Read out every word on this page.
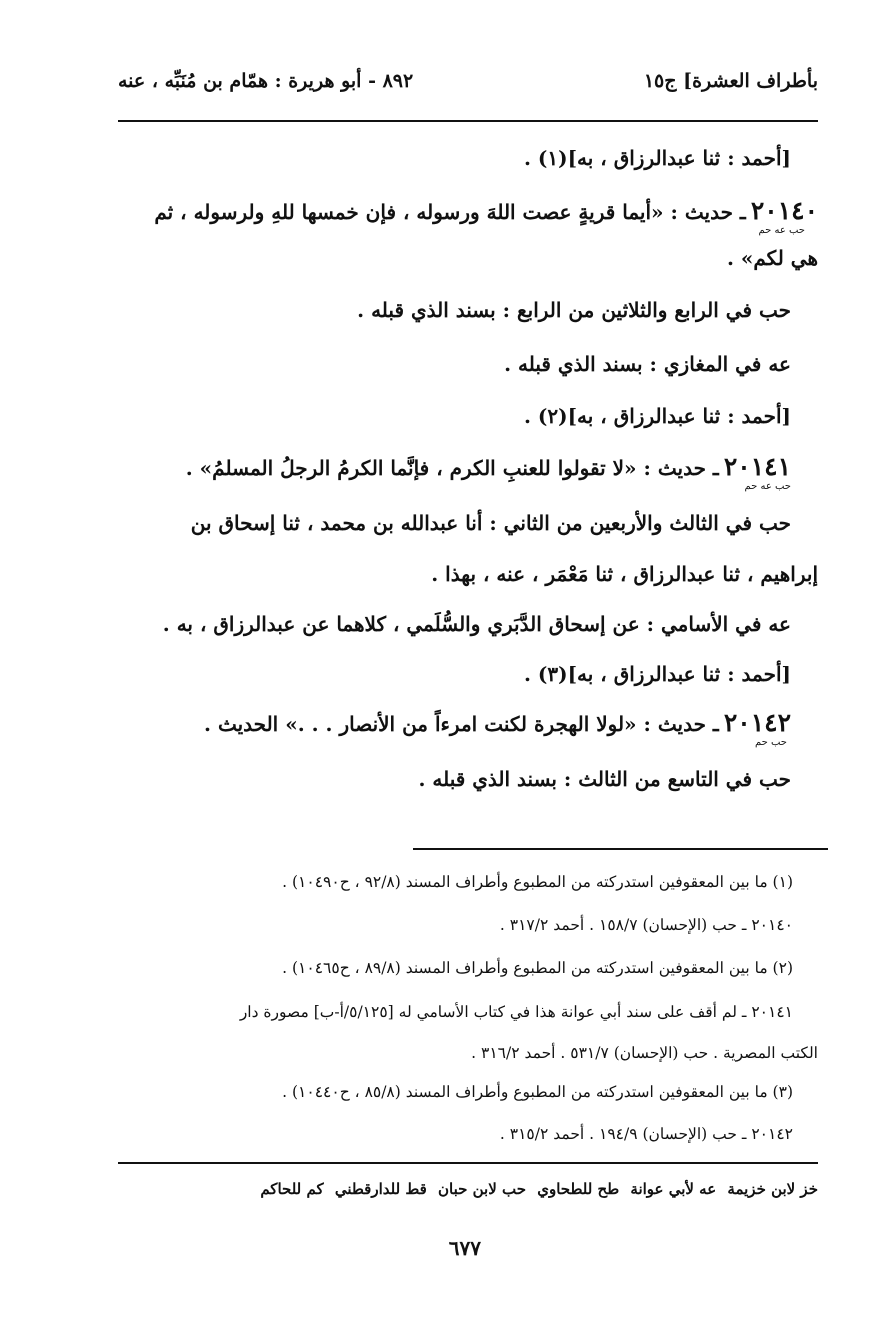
بأطراف العشرة] ج١٥
٨٩٢ - أبو هريرة : همّام بن مُنَبِّه ، عنه
[أحمد : ثنا عبدالرزاق ، به](١) .
٢٠١٤٠ ـ حديث : «أيما قريةٍ عصت اللهَ ورسوله ، فإن خمسها للهِ ولرسوله ، ثم
حب عه حم
هي لكم» .
حب في الرابع والثلاثين من الرابع : بسند الذي قبله .
عه في المغازي : بسند الذي قبله .
[أحمد : ثنا عبدالرزاق ، به](٢) .
٢٠١٤١ ـ حديث : «لا تقولوا للعنبِ الكرم ، فإنَّما الكرمُ الرجلُ المسلمُ» .
حب عه حم
حب في الثالث والأربعين من الثاني : أنا عبدالله بن محمد ، ثنا إسحاق بن
إبراهيم ، ثنا عبدالرزاق ، ثنا مَعْمَر ، عنه ، بهذا .
عه في الأسامي : عن إسحاق الدَّبَري والسُّلَمي ، كلاهما عن عبدالرزاق ، به .
[أحمد : ثنا عبدالرزاق ، به](٣) .
٢٠١٤٢ ـ حديث : «لولا الهجرة لكنت امرءاً من الأنصار . . .» الحديث .
حب حم
حب في التاسع من الثالث : بسند الذي قبله .
(١) ما بين المعقوفين استدركته من المطبوع وأطراف المسند (٩٢/٨ ، ح١٠٤٩٠) .
٢٠١٤٠ ـ حب (الإحسان) ١٥٨/٧ . أحمد ٣١٧/٢ .
(٢) ما بين المعقوفين استدركته من المطبوع وأطراف المسند (٨٩/٨ ، ح١٠٤٦٥) .
٢٠١٤١ ـ لم أقف على سند أبي عوانة هذا في كتاب الأسامي له [٥/١٢٥/أ-ب] مصورة دار
الكتب المصرية . حب (الإحسان) ٥٣١/٧ . أحمد ٣١٦/٢ .
(٣) ما بين المعقوفين استدركته من المطبوع وأطراف المسند (٨٥/٨ ، ح١٠٤٤٠) .
٢٠١٤٢ ـ حب (الإحسان) ١٩٤/٩ . أحمد ٣١٥/٢ .
خز لابن خزيمة عه لأبي عوانة طح للطحاوي حب لابن حبان قط للدارقطني كم للحاكم
٦٧٧
